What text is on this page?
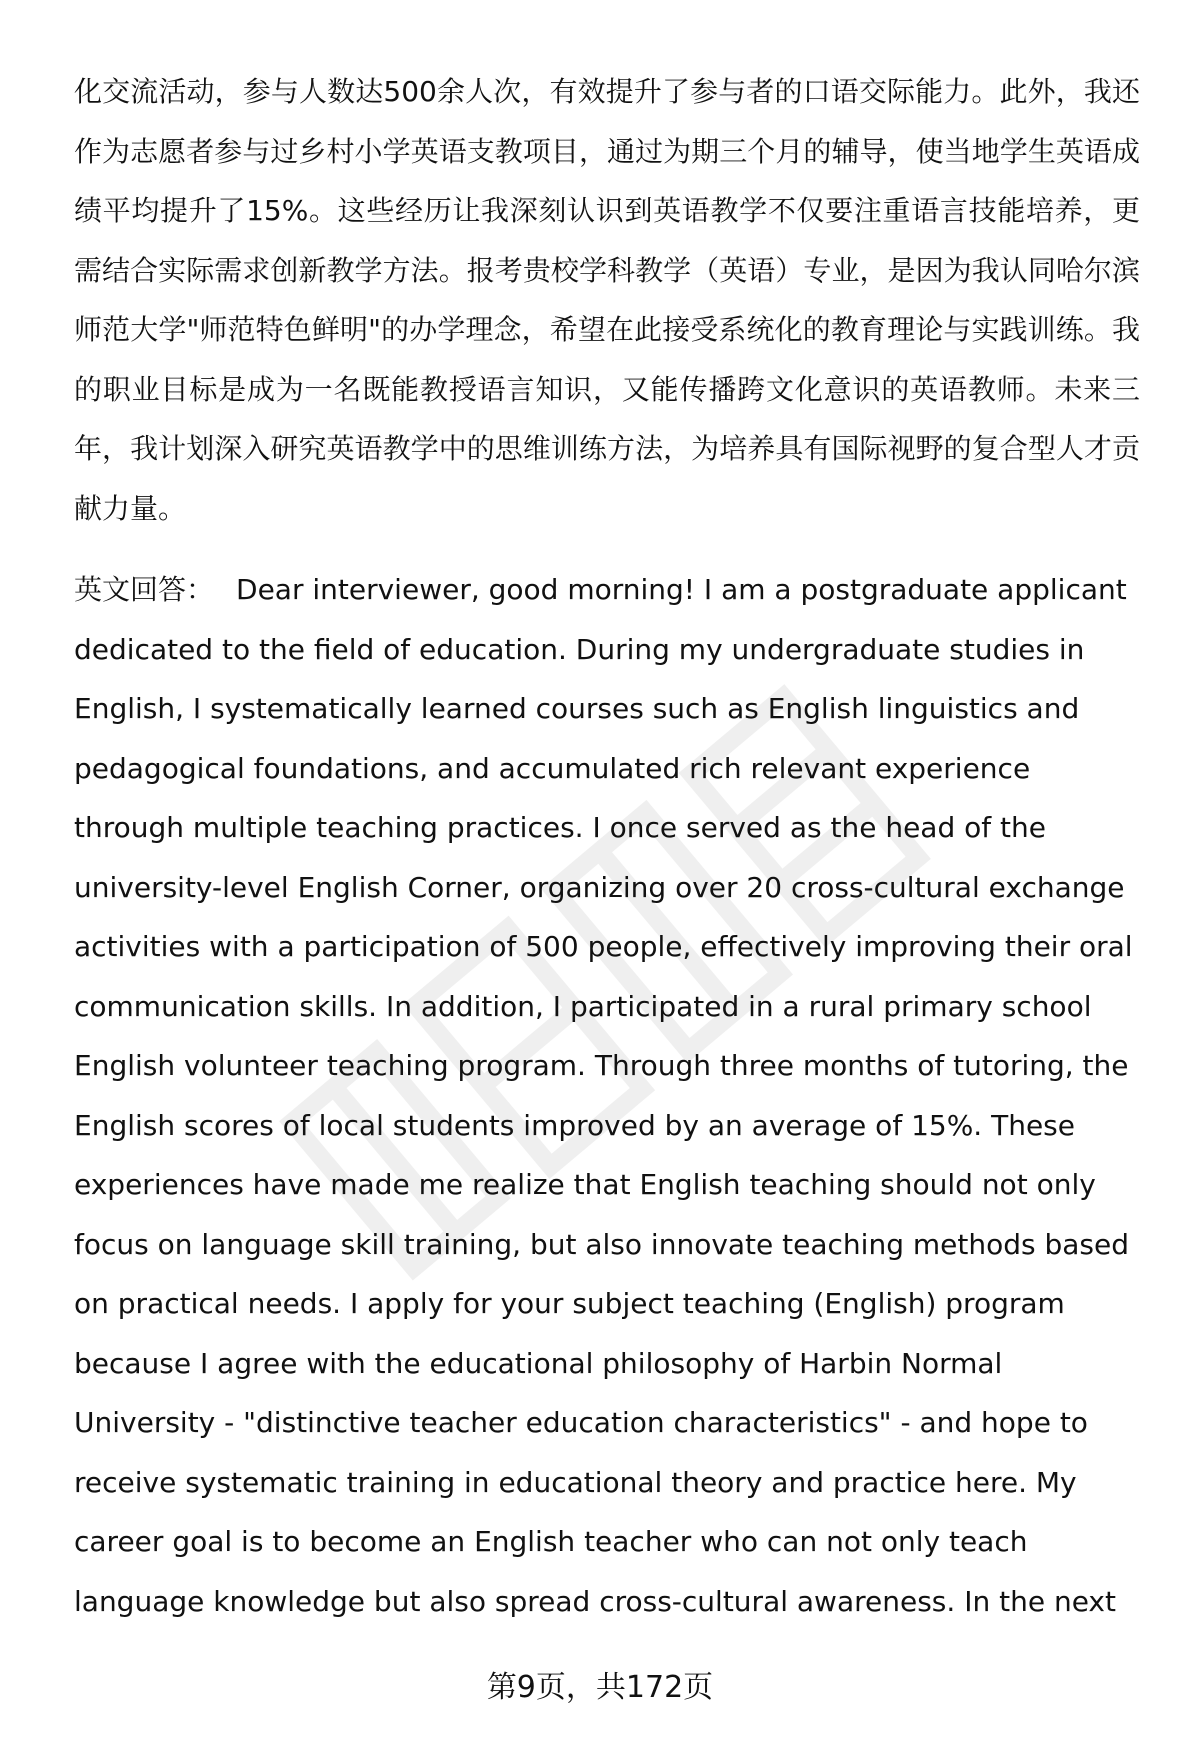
化交流活动，参与人数达500余人次，有效提升了参与者的口语交际能力。此外，我还作为志愿者参与过乡村小学英语支教项目，通过为期三个月的辅导，使当地学生英语成绩平均提升了15%。这些经历让我深刻认识到英语教学不仅要注重语言技能培养，更需结合实际需求创新教学方法。报考贵校学科教学（英语）专业，是因为我认同哈尔滨师范大学"师范特色鲜明"的办学理念，希望在此接受系统化的教育理论与实践训练。我的职业目标是成为一名既能教授语言知识，又能传播跨文化意识的英语教师。未来三年，我计划深入研究英语教学中的思维训练方法，为培养具有国际视野的复合型人才贡献力量。

英文回答： Dear interviewer, good morning! I am a postgraduate applicant dedicated to the field of education. During my undergraduate studies in English, I systematically learned courses such as English linguistics and pedagogical foundations, and accumulated rich relevant experience through multiple teaching practices. I once served as the head of the university-level English Corner, organizing over 20 cross-cultural exchange activities with a participation of 500 people, effectively improving their oral communication skills. In addition, I participated in a rural primary school English volunteer teaching program. Through three months of tutoring, the English scores of local students improved by an average of 15%. These experiences have made me realize that English teaching should not only focus on language skill training, but also innovate teaching methods based on practical needs. I apply for your subject teaching (English) program because I agree with the educational philosophy of Harbin Normal University - "distinctive teacher education characteristics" - and hope to receive systematic training in educational theory and practice here. My career goal is to become an English teacher who can not only teach language knowledge but also spread cross-cultural awareness. In the next

第9页，共172页
